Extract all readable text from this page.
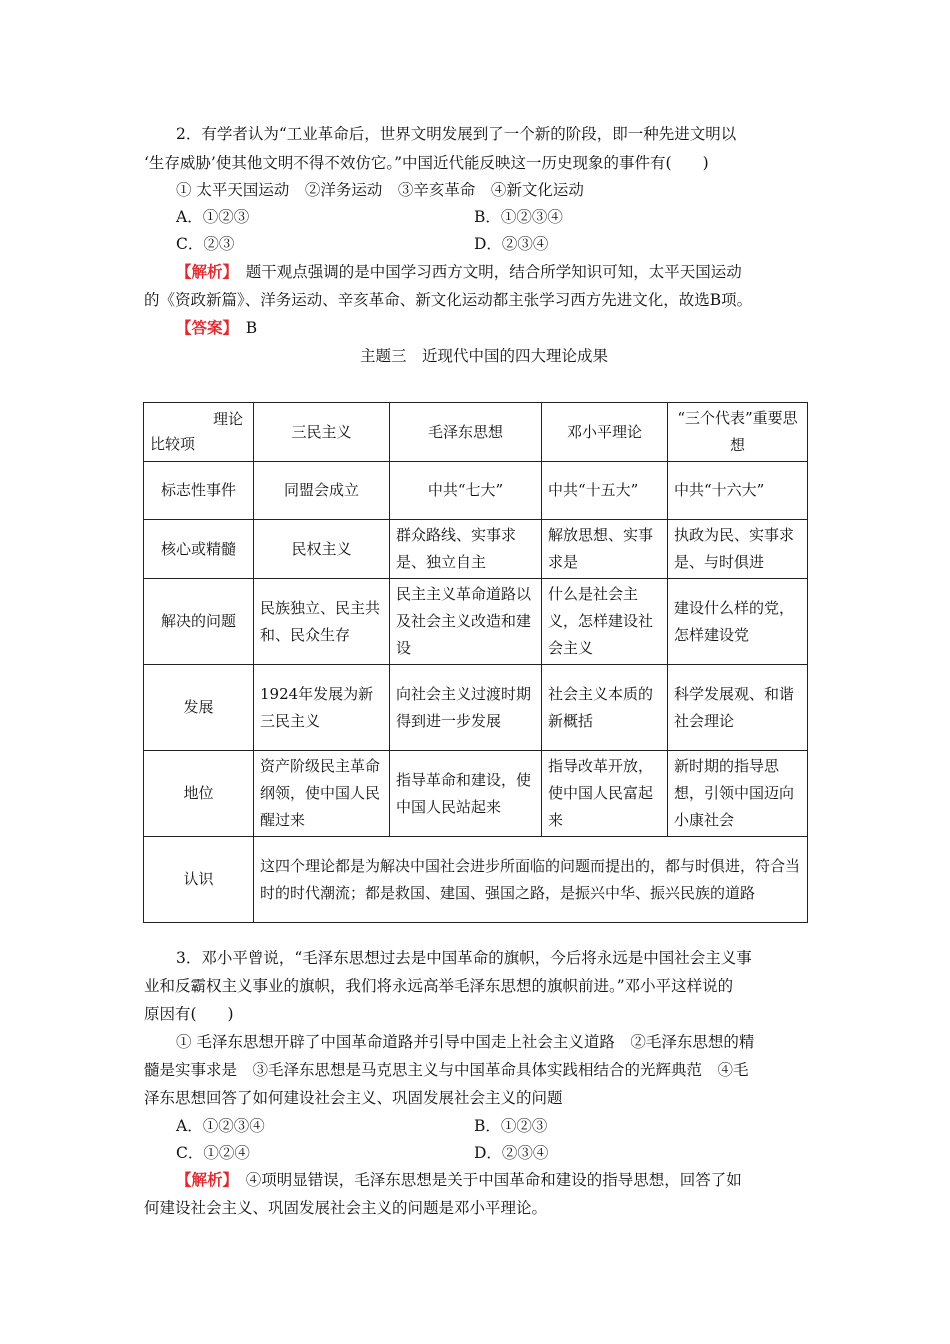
2．有学者认为“工业革命后，世界文明发展到了一个新的阶段，即一种先进文明以
‘生存威胁’使其他文明不得不效仿它。”中国近代能反映这一历史现象的事件有(　　)
① 太平天国运动　②洋务运动　③辛亥革命　④新文化运动
A．①②③	B．①②③④
C．②③	D．②③④
【解析】　题干观点强调的是中国学习西方文明，结合所学知识可知，太平天国运动
的《资政新篇》、洋务运动、辛亥革命、新文化运动都主张学习西方先进文化，故选B项。
【答案】　B
主题三　近现代中国的四大理论成果
理论
比较项	三民主义	毛泽东思想	邓小平理论	“三个代表”重要思想
标志性事件	同盟会成立	中共“七大”	中共“十五大”	中共“十六大”
核心或精髓	民权主义	群众路线、实事求是、独立自主	解放思想、实事求是	执政为民、实事求是、与时俱进
解决的问题	民族独立、民主共和、民众生存	民主主义革命道路以及社会主义改造和建设	什么是社会主义，怎样建设社会主义	建设什么样的党，怎样建设党
发展	1924年发展为新三民主义	向社会主义过渡时期得到进一步发展	社会主义本质的新概括	科学发展观、和谐社会理论
地位	资产阶级民主革命纲领，使中国人民醒过来	指导革命和建设，使中国人民站起来	指导改革开放，使中国人民富起来	新时期的指导思想，引领中国迈向小康社会
认识	这四个理论都是为解决中国社会进步所面临的问题而提出的，都与时俱进，符合当时的时代潮流；都是救国、建国、强国之路，是振兴中华、振兴民族的道路			
3．邓小平曾说，“毛泽东思想过去是中国革命的旗帜，今后将永远是中国社会主义事
业和反霸权主义事业的旗帜，我们将永远高举毛泽东思想的旗帜前进。”邓小平这样说的
原因有(　　)
① 毛泽东思想开辟了中国革命道路并引导中国走上社会主义道路　②毛泽东思想的精
髓是实事求是　③毛泽东思想是马克思主义与中国革命具体实践相结合的光辉典范　④毛
泽东思想回答了如何建设社会主义、巩固发展社会主义的问题
A．①②③④	B．①②③
C．①②④	D．②③④
【解析】　④项明显错误，毛泽东思想是关于中国革命和建设的指导思想，回答了如
何建设社会主义、巩固发展社会主义的问题是邓小平理论。
